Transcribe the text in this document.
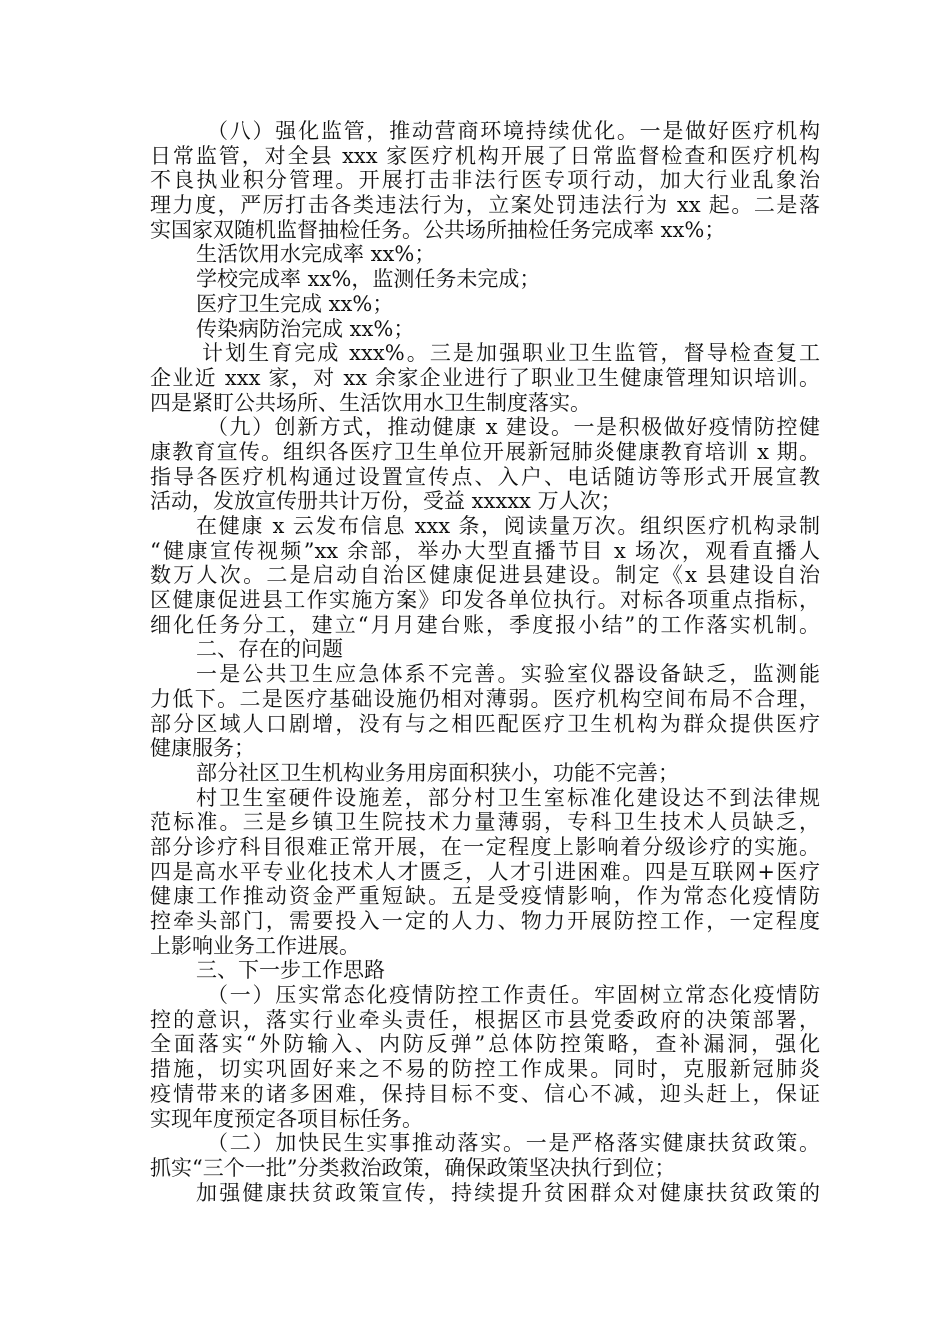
（八）强化监管，推动营商环境持续优化。一是做好医疗机构
日常监管，对全县 xxx 家医疗机构开展了日常监督检查和医疗机构
不良执业积分管理。开展打击非法行医专项行动，加大行业乱象治
理力度，严厉打击各类违法行为，立案处罚违法行为 xx 起。二是落
实国家双随机监督抽检任务。公共场所抽检任务完成率 xx%；
生活饮用水完成率 xx%；
学校完成率 xx%，监测任务未完成；
医疗卫生完成 xx%；
传染病防治完成 xx%；
计划生育完成 xxx%。三是加强职业卫生监管，督导检查复工
企业近 xxx 家，对 xx 余家企业进行了职业卫生健康管理知识培训。
四是紧盯公共场所、生活饮用水卫生制度落实。
（九）创新方式，推动健康 x 建设。一是积极做好疫情防控健
康教育宣传。组织各医疗卫生单位开展新冠肺炎健康教育培训 x 期。
指导各医疗机构通过设置宣传点、入户、电话随访等形式开展宣教
活动，发放宣传册共计万份，受益 xxxxx 万人次；
在健康 x 云发布信息 xxx 条，阅读量万次。组织医疗机构录制
“健康宣传视频”xx 余部，举办大型直播节目 x 场次，观看直播人
数万人次。二是启动自治区健康促进县建设。制定《x 县建设自治
区健康促进县工作实施方案》印发各单位执行。对标各项重点指标，
细化任务分工，建立“月月建台账，季度报小结”的工作落实机制。
二、存在的问题
一是公共卫生应急体系不完善。实验室仪器设备缺乏，监测能
力低下。二是医疗基础设施仍相对薄弱。医疗机构空间布局不合理，
部分区域人口剧增，没有与之相匹配医疗卫生机构为群众提供医疗
健康服务；
部分社区卫生机构业务用房面积狭小，功能不完善；
村卫生室硬件设施差，部分村卫生室标准化建设达不到法律规
范标准。三是乡镇卫生院技术力量薄弱，专科卫生技术人员缺乏，
部分诊疗科目很难正常开展，在一定程度上影响着分级诊疗的实施。
四是高水平专业化技术人才匮乏，人才引进困难。四是互联网+医疗
健康工作推动资金严重短缺。五是受疫情影响，作为常态化疫情防
控牵头部门，需要投入一定的人力、物力开展防控工作，一定程度
上影响业务工作进展。
三、下一步工作思路
（一）压实常态化疫情防控工作责任。牢固树立常态化疫情防
控的意识，落实行业牵头责任，根据区市县党委政府的决策部署，
全面落实“外防输入、内防反弹”总体防控策略，查补漏洞，强化
措施，切实巩固好来之不易的防控工作成果。同时，克服新冠肺炎
疫情带来的诸多困难，保持目标不变、信心不减，迎头赶上，保证
实现年度预定各项目标任务。
（二）加快民生实事推动落实。一是严格落实健康扶贫政策。
抓实“三个一批”分类救治政策，确保政策坚决执行到位；
加强健康扶贫政策宣传，持续提升贫困群众对健康扶贫政策的
